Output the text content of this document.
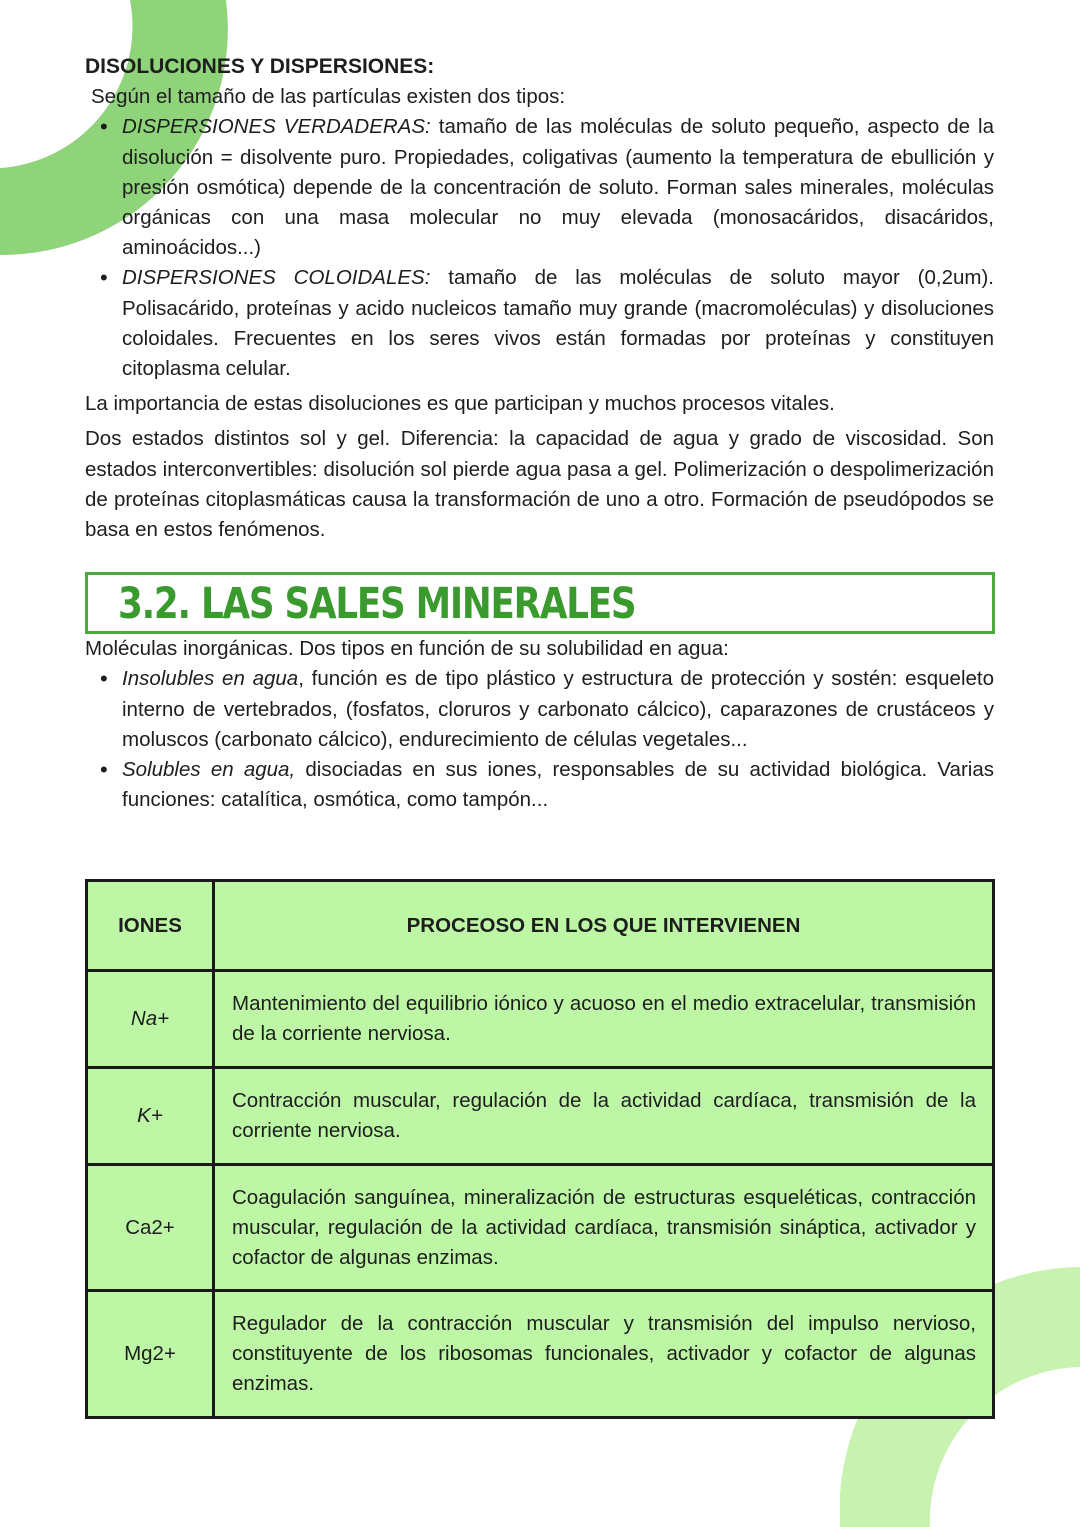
DISOLUCIONES Y DISPERSIONES:

Según el tamaño de las partículas existen dos tipos:

• DISPERSIONES VERDADERAS: tamaño de las moléculas de soluto pequeño, aspecto de la disolución = disolvente puro. Propiedades, coligativas (aumento la temperatura de ebullición y presión osmótica) depende de la concentración de soluto. Forman sales minerales, moléculas orgánicas con una masa molecular no muy elevada (monosacáridos, disacáridos, aminoácidos...)
• DISPERSIONES COLOIDALES: tamaño de las moléculas de soluto mayor (0,2um). Polisacárido, proteínas y acido nucleicos tamaño muy grande (macromoléculas) y disoluciones coloidales. Frecuentes en los seres vivos están formadas por proteínas y constituyen citoplasma celular.

La importancia de estas disoluciones es que participan y muchos procesos vitales.

Dos estados distintos sol y gel. Diferencia: la capacidad de agua y grado de viscosidad. Son estados interconvertibles: disolución sol pierde agua pasa a gel. Polimerización o despolimerización de proteínas citoplasmáticas causa la transformación de uno a otro. Formación de pseudópodos se basa en estos fenómenos.

3.2. LAS SALES MINERALES

Moléculas inorgánicas. Dos tipos en función de su solubilidad en agua:

• Insolubles en agua, función es de tipo plástico y estructura de protección y sostén: esqueleto interno de vertebrados, (fosfatos, cloruros y carbonato cálcico), caparazones de crustáceos y moluscos (carbonato cálcico), endurecimiento de células vegetales...
• Solubles en agua, disociadas en sus iones, responsables de su actividad biológica. Varias funciones: catalítica, osmótica, como tampón...
IONES	PROCEOSO EN LOS QUE INTERVIENEN
Na+	Mantenimiento del equilibrio iónico y acuoso en el medio extracelular, transmisión de la corriente nerviosa.
K+	Contracción muscular, regulación de la actividad cardíaca, transmisión de la corriente nerviosa.
Ca2+	Coagulación sanguínea, mineralización de estructuras esqueléticas, contracción muscular, regulación de la actividad cardíaca, transmisión sináptica, activador y cofactor de algunas enzimas.
Mg2+	Regulador de la contracción muscular y transmisión del impulso nervioso, constituyente de los ribosomas funcionales, activador y cofactor de algunas enzimas.
